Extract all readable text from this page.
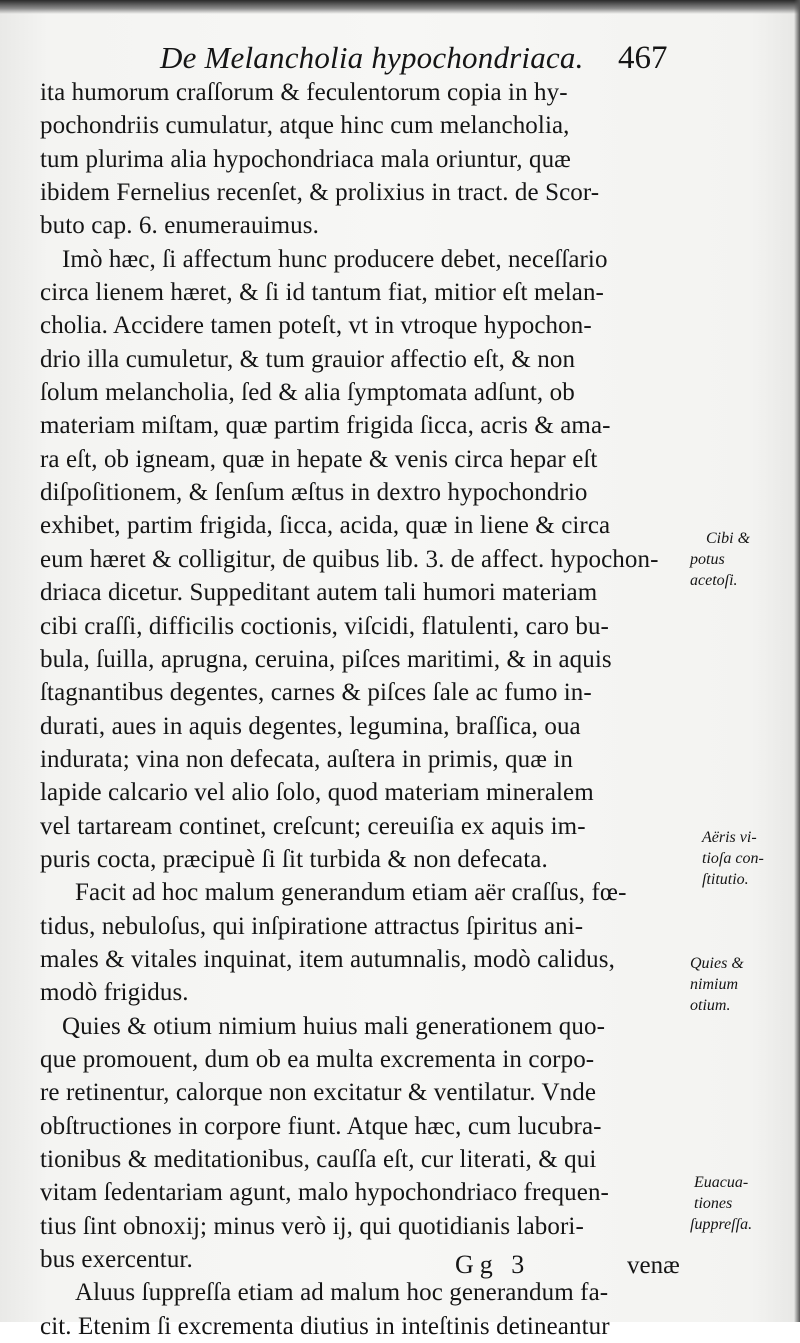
De Melancholia hypochondriaca. 467
ita humorum craſſorum & feculentorum copia in hy-
pochondriis cumulatur, atque hinc cum melancholia,
tum plurima alia hypochondriaca mala oriuntur, quæ
ibidem Fernelius recenſet, & prolixius in tract. de Scor-
buto cap. 6. enumerauimus.
Imò hæc, ſi affectum hunc producere debet, neceſſario
circa lienem hæret, & ſi id tantum fiat, mitior eſt melan-
cholia. Accidere tamen poteſt, vt in vtroque hypochon-
drio illa cumuletur, & tum grauior affectio eſt, & non
ſolum melancholia, ſed & alia ſymptomata adſunt, ob
materiam miſtam, quæ partim frigida ſicca, acris & ama-
ra eſt, ob igneam, quæ in hepate & venis circa hepar eſt
diſpoſitionem, & ſenſum æſtus in dextro hypochondrio
exhibet, partim frigida, ſicca, acida, quæ in liene & circa
eum hæret & colligitur, de quibus lib. 3. de affect. hypochon-
driaca dicetur. Suppeditant autem tali humori materiam
cibi craſſi, difficilis coctionis, viſcidi, flatulenti, caro bu-
bula, ſuilla, aprugna, ceruina, piſces maritimi, & in aquis
ſtagnantibus degentes, carnes & piſces ſale ac fumo in-
durati, aues in aquis degentes, legumina, braſſica, oua
indurata; vina non defecata, auſtera in primis, quæ in
lapide calcario vel alio ſolo, quod materiam mineralem
vel tartaream continet, creſcunt; cereuiſia ex aquis im-
puris cocta, præcipuè ſi ſit turbida & non defecata.
Facit ad hoc malum generandum etiam aër craſſus, fœ-
tidus, nebuloſus, qui inſpiratione attractus ſpiritus ani-
males & vitales inquinat, item autumnalis, modò calidus,
modò frigidus.
Quies & otium nimium huius mali generationem quo-
que promouent, dum ob ea multa excrementa in corpo-
re retinentur, calorque non excitatur & ventilatur. Vnde
obſtructiones in corpore fiunt. Atque hæc, cum lucubra-
tionibus & meditationibus, cauſſa eſt, cur literati, & qui
vitam ſedentariam agunt, malo hypochondriaco frequen-
tius ſint obnoxij; minus verò ij, qui quotidianis labori-
bus exercentur.
Aluus ſuppreſſa etiam ad malum hoc generandum fa-
cit. Etenim ſi excrementa diutius in inteſtinis detineantur
Cibi &
potus
acetoſi.
Aëris vi-
tioſa con-
ſtitutio.
Quies &
nimium
otium.
Euacua-
tiones
ſuppreſſa.
Gg 3	venæ
